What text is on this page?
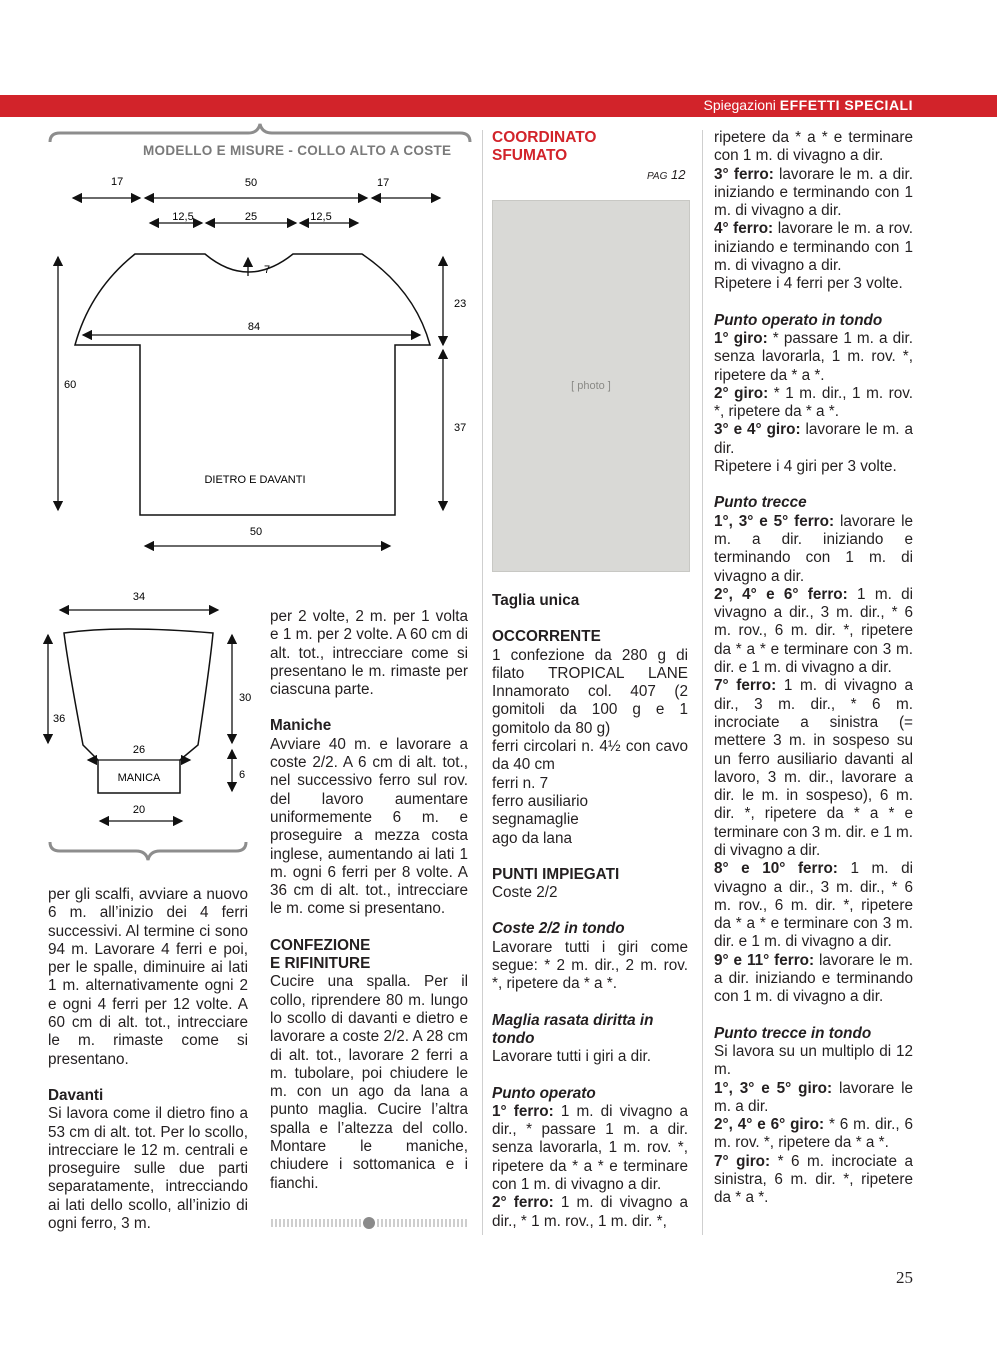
Spiegazioni EFFETTI SPECIALI
MODELLO E MISURE - COLLO ALTO A COSTE
17	50	17
12,5	25	12,5
7
84
DIETRO E DAVANTI
60
23
37
50
34
26
MANICA
36
30
6
20

per gli scalfi, avviare a nuovo 6 m. all’inizio dei 4 ferri successivi. Al termine ci sono 94 m. Lavorare 4 ferri e poi, per le spalle, diminuire ai lati 1 m. alternativamente ogni 2 e ogni 4 ferri per 12 volte. A 60 cm di alt. tot., intrecciare le m. rimaste come si presentano.

Davanti

Si lavora come il dietro fino a 53 cm di alt. tot. Per lo scollo, intrecciare le 12 m. centrali e proseguire sulle due parti separatamente, intrecciando ai lati dello scollo, all’inizio di ogni ferro, 3 m.

per 2 volte, 2 m. per 1 volta e 1 m. per 2 volte. A 60 cm di alt. tot., intrecciare come si presentano le m. rimaste per ciascuna parte.

Maniche

Avviare 40 m. e lavorare a coste 2/2. A 6 cm di alt. tot., nel successivo ferro sul rov. del lavoro aumentare uniformemente 6 m. e proseguire a mezza costa inglese, aumentando ai lati 1 m. ogni 6 ferri per 8 volte. A 36 cm di alt. tot., intrecciare le m. come si presentano.

CONFEZIONE
E RIFINITURE

Cucire una spalla. Per il collo, riprendere 80 m. lungo lo scollo di davanti e dietro e lavorare a coste 2/2. A 28 cm di alt. tot., lavorare 2 ferri a m. tubolare, poi chiudere le m. con un ago da lana a punto maglia. Cucire l’altra spalla e l’altezza del collo. Montare le maniche, chiudere i sottomanica e i fianchi.

COORDINATO
SFUMATO
PAG 12
[ photo ]
Taglia unica
OCCORRENTE

1 confezione da 280 g di filato TROPICAL LANE Innamorato col. 407 (2 gomitoli da 100 g e 1 gomitolo da 80 g)

ferri circolari n. 4½ con cavo da 40 cm

ferri n. 7

ferro ausiliario

segnamaglie

ago da lana

PUNTI IMPIEGATI

Coste 2/2

Coste 2/2 in tondo

Lavorare tutti i giri come segue: * 2 m. dir., 2 m. rov. *, ripetere da * a *.

Maglia rasata diritta in tondo

Lavorare tutti i giri a dir.

Punto operato

1° ferro: 1 m. di vivagno a dir., * passare 1 m. a dir. senza lavorarla, 1 m. rov. *, ripetere da * a * e terminare con 1 m. di vivagno a dir.

2° ferro: 1 m. di vivagno a dir., * 1 m. rov., 1 m. dir. *,

ripetere da * a * e terminare con 1 m. di vivagno a dir.

3° ferro: lavorare le m. a dir. iniziando e terminando con 1 m. di vivagno a dir.

4° ferro: lavorare le m. a rov. iniziando e terminando con 1 m. di vivagno a dir.

Ripetere i 4 ferri per 3 volte.

Punto operato in tondo

1° giro: * passare 1 m. a dir. senza lavorarla, 1 m. rov. *, ripetere da * a *.

2° giro: * 1 m. dir., 1 m. rov. *, ripetere da * a *.

3° e 4° giro: lavorare le m. a dir.

Ripetere i 4 giri per 3 volte.

Punto trecce

1°, 3° e 5° ferro: lavorare le m. a dir. iniziando e terminando con 1 m. di vivagno a dir.

2°, 4° e 6° ferro: 1 m. di vivagno a dir., 3 m. dir., * 6 m. rov., 6 m. dir. *, ripetere da * a * e terminare con 3 m. dir. e 1 m. di vivagno a dir.

7° ferro: 1 m. di vivagno a dir., 3 m. dir., * 6 m. incrociate a sinistra (= mettere 3 m. in sospeso su un ferro ausiliario davanti al lavoro, 3 m. dir., lavorare a dir. le m. in sospeso), 6 m. dir. *, ripetere da * a * e terminare con 3 m. dir. e 1 m. di vivagno a dir.

8° e 10° ferro: 1 m. di vivagno a dir., 3 m. dir., * 6 m. rov., 6 m. dir. *, ripetere da * a * e terminare con 3 m. dir. e 1 m. di vivagno a dir.

9° e 11° ferro: lavorare le m. a dir. iniziando e terminando con 1 m. di vivagno a dir.

Punto trecce in tondo

Si lavora su un multiplo di 12 m.

1°, 3° e 5° giro: lavorare le m. a dir.

2°, 4° e 6° giro: * 6 m. dir., 6 m. rov. *, ripetere da * a *.

7° giro: * 6 m. incrociate a sinistra, 6 m. dir. *, ripetere da * a *.

25
